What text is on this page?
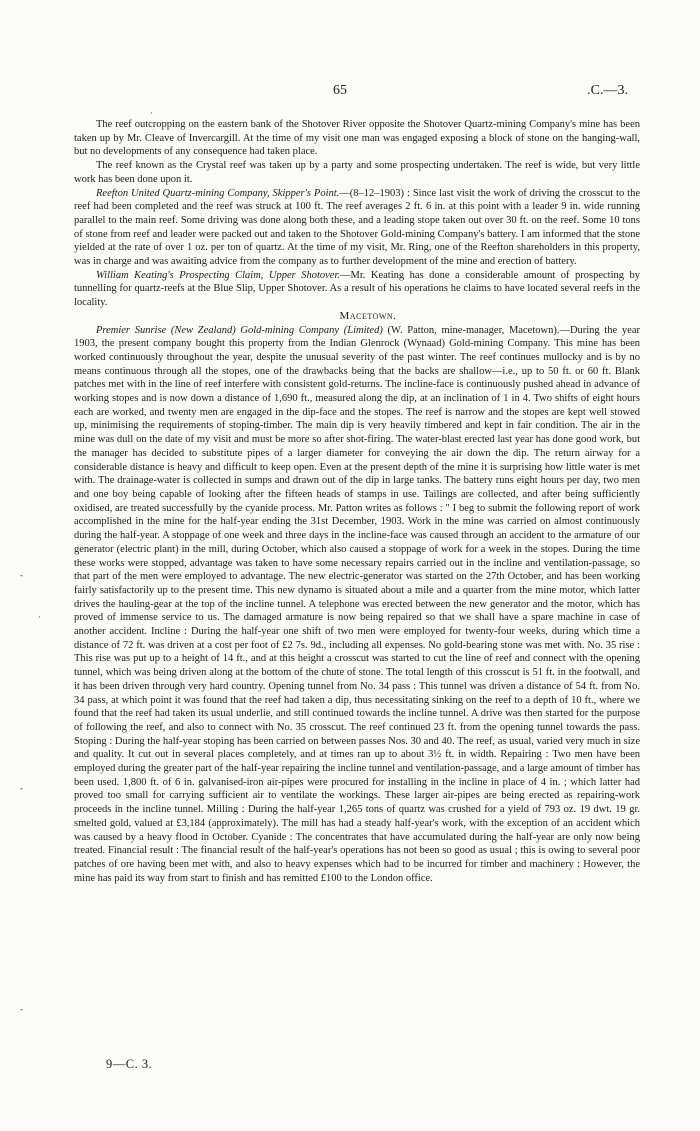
65	.C.—3.
·
-
·
-
-

The reef outcropping on the eastern bank of the Shotover River opposite the Shotover Quartz-mining Company's mine has been taken up by Mr. Cleave of Invercargill. At the time of my visit one man was engaged exposing a block of stone on the hanging-wall, but no developments of any consequence had taken place.

The reef known as the Crystal reef was taken up by a party and some prospecting undertaken. The reef is wide, but very little work has been done upon it.

Reefton United Quartz-mining Company, Skipper's Point.—(8–12–1903) : Since last visit the work of driving the crosscut to the reef had been completed and the reef was struck at 100 ft. The reef averages 2 ft. 6 in. at this point with a leader 9 in. wide running parallel to the main reef. Some driving was done along both these, and a leading stope taken out over 30 ft. on the reef. Some 10 tons of stone from reef and leader were packed out and taken to the Shotover Gold-mining Company's battery. I am informed that the stone yielded at the rate of over 1 oz. per ton of quartz. At the time of my visit, Mr. Ring, one of the Reefton shareholders in this property, was in charge and was awaiting advice from the company as to further development of the mine and erection of battery.

William Keating's Prospecting Claim, Upper Shotover.—Mr. Keating has done a considerable amount of prospecting by tunnelling for quartz-reefs at the Blue Slip, Upper Shotover. As a result of his operations he claims to have located several reefs in the locality.

Macetown.

Premier Sunrise (New Zealand) Gold-mining Company (Limited) (W. Patton, mine-manager, Macetown).—During the year 1903, the present company bought this property from the Indian Glenrock (Wynaad) Gold-mining Company. This mine has been worked continuously throughout the year, despite the unusual severity of the past winter. The reef continues mullocky and is by no means continuous through all the stopes, one of the drawbacks being that the backs are shallow—i.e., up to 50 ft. or 60 ft. Blank patches met with in the line of reef interfere with consistent gold-returns. The incline-face is continuously pushed ahead in advance of working stopes and is now down a distance of 1,690 ft., measured along the dip, at an inclination of 1 in 4. Two shifts of eight hours each are worked, and twenty men are engaged in the dip-face and the stopes. The reef is narrow and the stopes are kept well stowed up, minimising the requirements of stoping-timber. The main dip is very heavily timbered and kept in fair condition. The air in the mine was dull on the date of my visit and must be more so after shot-firing. The water-blast erected last year has done good work, but the manager has decided to substitute pipes of a larger diameter for conveying the air down the dip. The return airway for a considerable distance is heavy and difficult to keep open. Even at the present depth of the mine it is surprising how little water is met with. The drainage-water is collected in sumps and drawn out of the dip in large tanks. The battery runs eight hours per day, two men and one boy being capable of looking after the fifteen heads of stamps in use. Tailings are collected, and after being sufficiently oxidised, are treated successfully by the cyanide process. Mr. Patton writes as follows : " I beg to submit the following report of work accomplished in the mine for the half-year ending the 31st December, 1903. Work in the mine was carried on almost continuously during the half-year. A stoppage of one week and three days in the incline-face was caused through an accident to the armature of our generator (electric plant) in the mill, during October, which also caused a stoppage of work for a week in the stopes. During the time these works were stopped, advantage was taken to have some necessary repairs carried out in the incline and ventilation-passage, so that part of the men were employed to advantage. The new electric-generator was started on the 27th October, and has been working fairly satisfactorily up to the present time. This new dynamo is situated about a mile and a quarter from the mine motor, which latter drives the hauling-gear at the top of the incline tunnel. A telephone was erected between the new generator and the motor, which has proved of immense service to us. The damaged armature is now being repaired so that we shall have a spare machine in case of another accident. Incline : During the half-year one shift of two men were employed for twenty-four weeks, during which time a distance of 72 ft. was driven at a cost per foot of £2 7s. 9d., including all expenses. No gold-bearing stone was met with. No. 35 rise : This rise was put up to a height of 14 ft., and at this height a crosscut was started to cut the line of reef and connect with the opening tunnel, which was being driven along at the bottom of the chute of stone. The total length of this crosscut is 51 ft. in the footwall, and it has been driven through very hard country. Opening tunnel from No. 34 pass : This tunnel was driven a distance of 54 ft. from No. 34 pass, at which point it was found that the reef had taken a dip, thus necessitating sinking on the reef to a depth of 10 ft., where we found that the reef had taken its usual underlie, and still continued towards the incline tunnel. A drive was then started for the purpose of following the reef, and also to connect with No. 35 crosscut. The reef continued 23 ft. from the opening tunnel towards the pass. Stoping : During the half-year stoping has been carried on between passes Nos. 30 and 40. The reef, as usual, varied very much in size and quality. It cut out in several places completely, and at times ran up to about 3½ ft. in width. Repairing : Two men have been employed during the greater part of the half-year repairing the incline tunnel and ventilation-passage, and a large amount of timber has been used. 1,800 ft. of 6 in. galvanised-iron air-pipes were procured for installing in the incline in place of 4 in. ; which latter had proved too small for carrying sufficient air to ventilate the workings. These larger air-pipes are being erected as repairing-work proceeds in the incline tunnel. Milling : During the half-year 1,265 tons of quartz was crushed for a yield of 793 oz. 19 dwt. 19 gr. smelted gold, valued at £3,184 (approximately). The mill has had a steady half-year's work, with the exception of an accident which was caused by a heavy flood in October. Cyanide : The concentrates that have accumulated during the half-year are only now being treated. Financial result : The financial result of the half-year's operations has not been so good as usual ; this is owing to several poor patches of ore having been met with, and also to heavy expenses which had to be incurred for timber and machinery : However, the mine has paid its way from start to finish and has remitted £100 to the London office.

9—C. 3.
